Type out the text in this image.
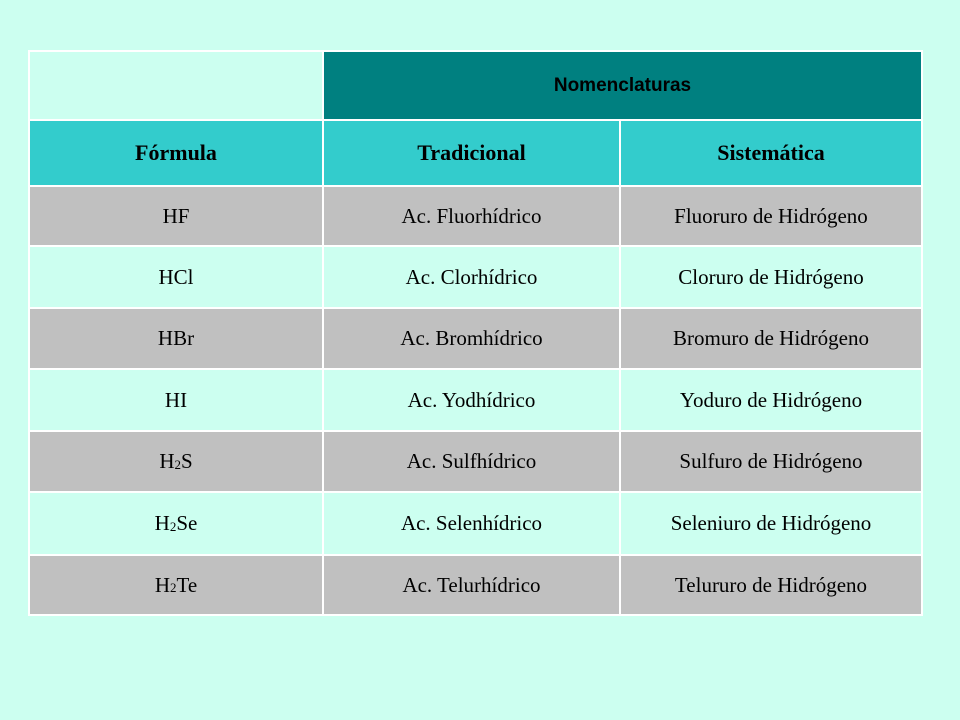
Nomenclaturas
Fórmula	Tradicional	Sistemática
HF	Ac. Fluorhídrico	Fluoruro de Hidrógeno
HCl	Ac. Clorhídrico	Cloruro de Hidrógeno
HBr	Ac. Bromhídrico	Bromuro de Hidrógeno
HI	Ac. Yodhídrico	Yoduro de Hidrógeno
$H_2$ S	Ac. Sulfhídrico	Sulfuro de Hidrógeno
$H_2$ Se	Ac. Selenhídrico	Seleniuro de Hidrógeno
$H_2$ Te	Ac. Telurhídrico	Telururo de Hidrógeno
